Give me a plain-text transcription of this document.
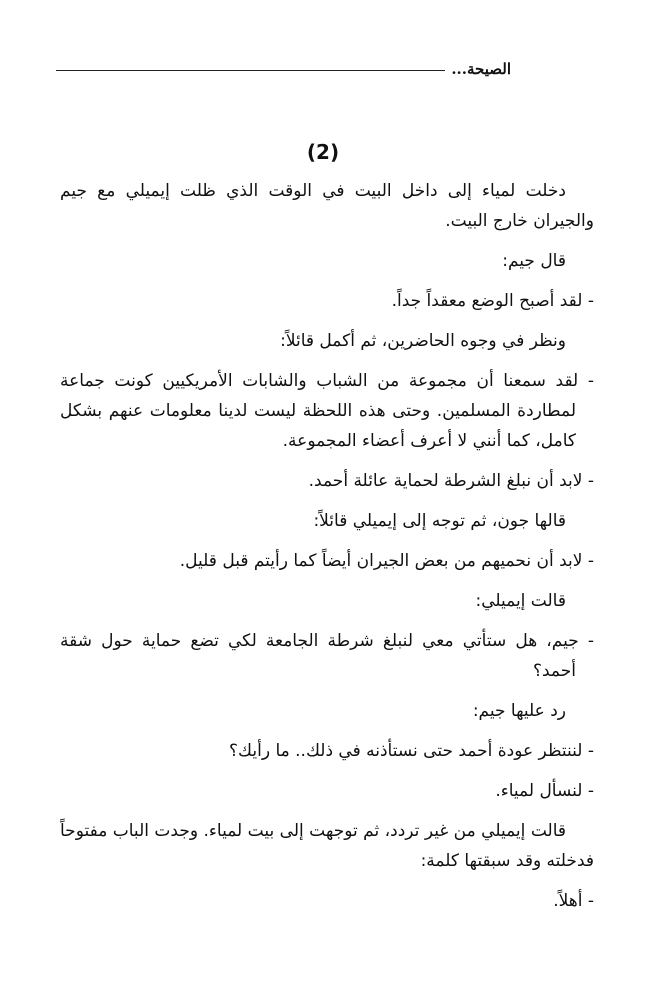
الصيحة...
(2)

دخلت لمياء إلى داخل البيت في الوقت الذي ظلت إيميلي مع جيم والجيران خارج البيت.

قال جيم:

- لقد أصبح الوضع معقداً جداً.

ونظر في وجوه الحاضرين، ثم أكمل قائلاً:

- لقد سمعنا أن مجموعة من الشباب والشابات الأمريكيين كونت جماعة لمطاردة المسلمين. وحتى هذه اللحظة ليست لدينا معلومات عنهم بشكل كامل، كما أنني لا أعرف أعضاء المجموعة.

- لابد أن نبلغ الشرطة لحماية عائلة أحمد.

قالها جون، ثم توجه إلى إيميلي قائلاً:

- لابد أن نحميهم من بعض الجيران أيضاً كما رأيتم قبل قليل.

قالت إيميلي:

- جيم، هل ستأتي معي لنبلغ شرطة الجامعة لكي تضع حماية حول شقة أحمد؟

رد عليها جيم:

- لننتظر عودة أحمد حتى نستأذنه في ذلك.. ما رأيك؟

- لنسأل لمياء.

قالت إيميلي من غير تردد، ثم توجهت إلى بيت لمياء. وجدت الباب مفتوحاً فدخلته وقد سبقتها كلمة:

- أهلاً.
